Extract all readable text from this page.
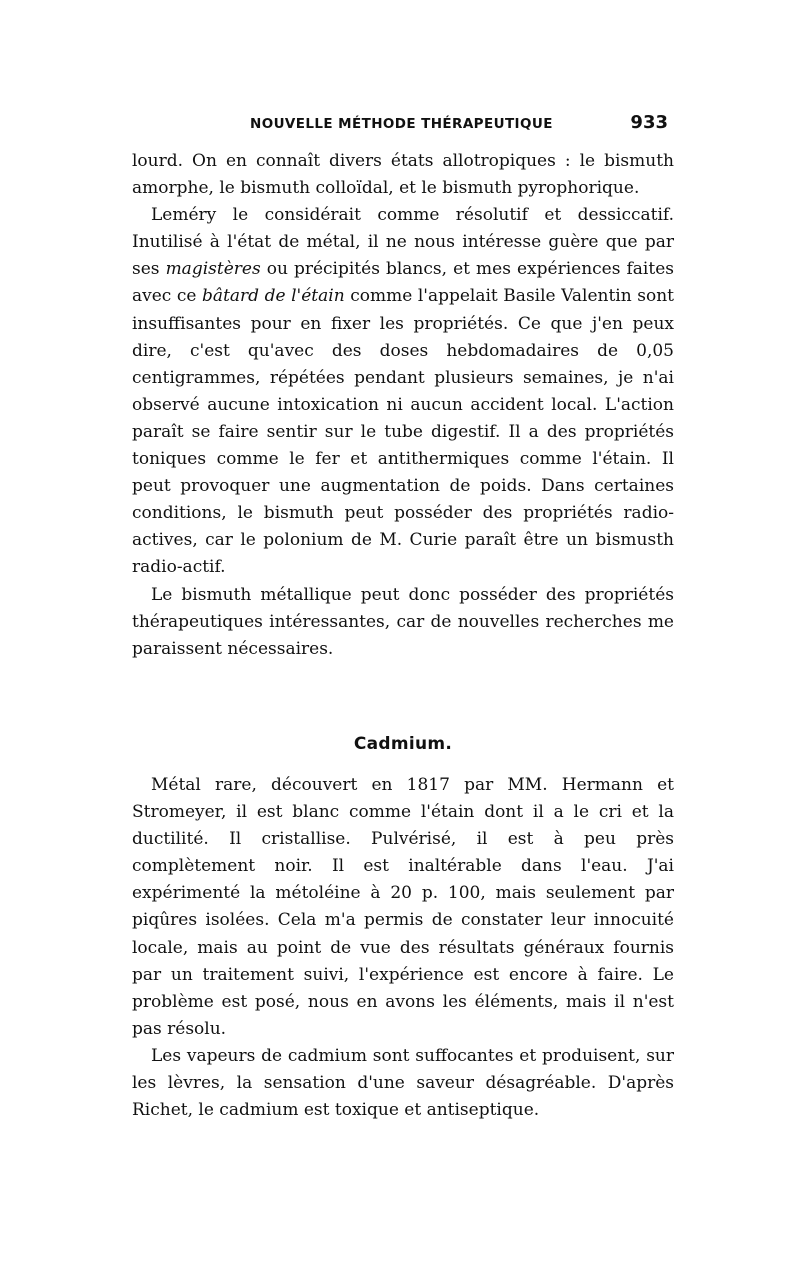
NOUVELLE MÉTHODE THÉRAPEUTIQUE	933

lourd. On en connaît divers états allotropiques : le bismuth amorphe, le bismuth colloïdal, et le bismuth pyrophorique.

Leméry le considérait comme résolutif et dessiccatif. Inutilisé à l'état de métal, il ne nous intéresse guère que par ses magistères ou précipités blancs, et mes expériences faites avec ce bâtard de l'étain comme l'appelait Basile Valentin sont insuffisantes pour en fixer les propriétés. Ce que j'en peux dire, c'est qu'avec des doses hebdomadaires de 0,05 centigrammes, répétées pendant plusieurs semaines, je n'ai observé aucune intoxication ni aucun accident local. L'action paraît se faire sentir sur le tube digestif. Il a des propriétés toniques comme le fer et antithermiques comme l'étain. Il peut provoquer une augmentation de poids. Dans certaines conditions, le bismuth peut posséder des propriétés radio-actives, car le polonium de M. Curie paraît être un bismusth radio-actif.

Le bismuth métallique peut donc posséder des propriétés thérapeutiques intéressantes, car de nouvelles recherches me paraissent nécessaires.

Cadmium.

Métal rare, découvert en 1817 par MM. Hermann et Stromeyer, il est blanc comme l'étain dont il a le cri et la ductilité. Il cristallise. Pulvérisé, il est à peu près complètement noir. Il est inaltérable dans l'eau. J'ai expérimenté la métoléine à 20 p. 100, mais seulement par piqûres isolées. Cela m'a permis de constater leur innocuité locale, mais au point de vue des résultats généraux fournis par un traitement suivi, l'expérience est encore à faire. Le problème est posé, nous en avons les éléments, mais il n'est pas résolu.

Les vapeurs de cadmium sont suffocantes et produisent, sur les lèvres, la sensation d'une saveur désagréable. D'après Richet, le cadmium est toxique et antiseptique.
